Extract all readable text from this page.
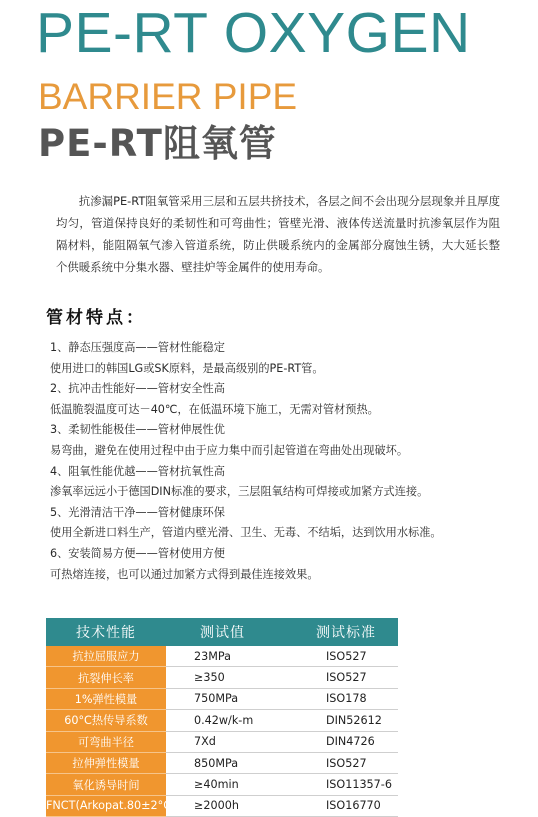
PE-RT OXYGEN
BARRIER PIPE
PE-RT阻氧管

抗渗漏PE-RT阻氧管采用三层和五层共挤技术，各层之间不会出现分层现象并且厚度均匀，管道保持良好的柔韧性和可弯曲性；管壁光滑、液体传送流量时抗渗氧层作为阻隔材料，能阻隔氧气渗入管道系统，防止供暖系统内的金属部分腐蚀生锈，大大延长整个供暖系统中分集水器、壁挂炉等金属件的使用寿命。

管材特点：
1、静态压强度高——管材性能稳定
使用进口的韩国LG或SK原料，是最高级别的PE-RT管。
2、抗冲击性能好——管材安全性高
低温脆裂温度可达－40℃，在低温环境下施工，无需对管材预热。
3、柔韧性能极佳——管材伸展性优
易弯曲，避免在使用过程中由于应力集中而引起管道在弯曲处出现破坏。
4、阻氧性能优越——管材抗氧性高
渗氧率远远小于德国DIN标准的要求，三层阻氧结构可焊接或加紧方式连接。
5、光滑清洁干净——管材健康环保
使用全新进口料生产，管道内壁光滑、卫生、无毒、不结垢，达到饮用水标准。
6、安装简易方便——管材使用方便
可热熔连接，也可以通过加紧方式得到最佳连接效果。
技术性能	测试值	测试标准
抗拉屈服应力	23MPa	ISO527
抗裂伸长率	≥350	ISO527
1%弹性模量	750MPa	ISO178
60°C热传导系数	0.42w/k-m	DIN52612
可弯曲半径	7Xd	DIN4726
拉伸弹性模量	850MPa	ISO527
氧化诱导时间	≥40min	ISO11357-6
FNCT(Arkopat.80±2°C)	≥2000h	ISO16770
